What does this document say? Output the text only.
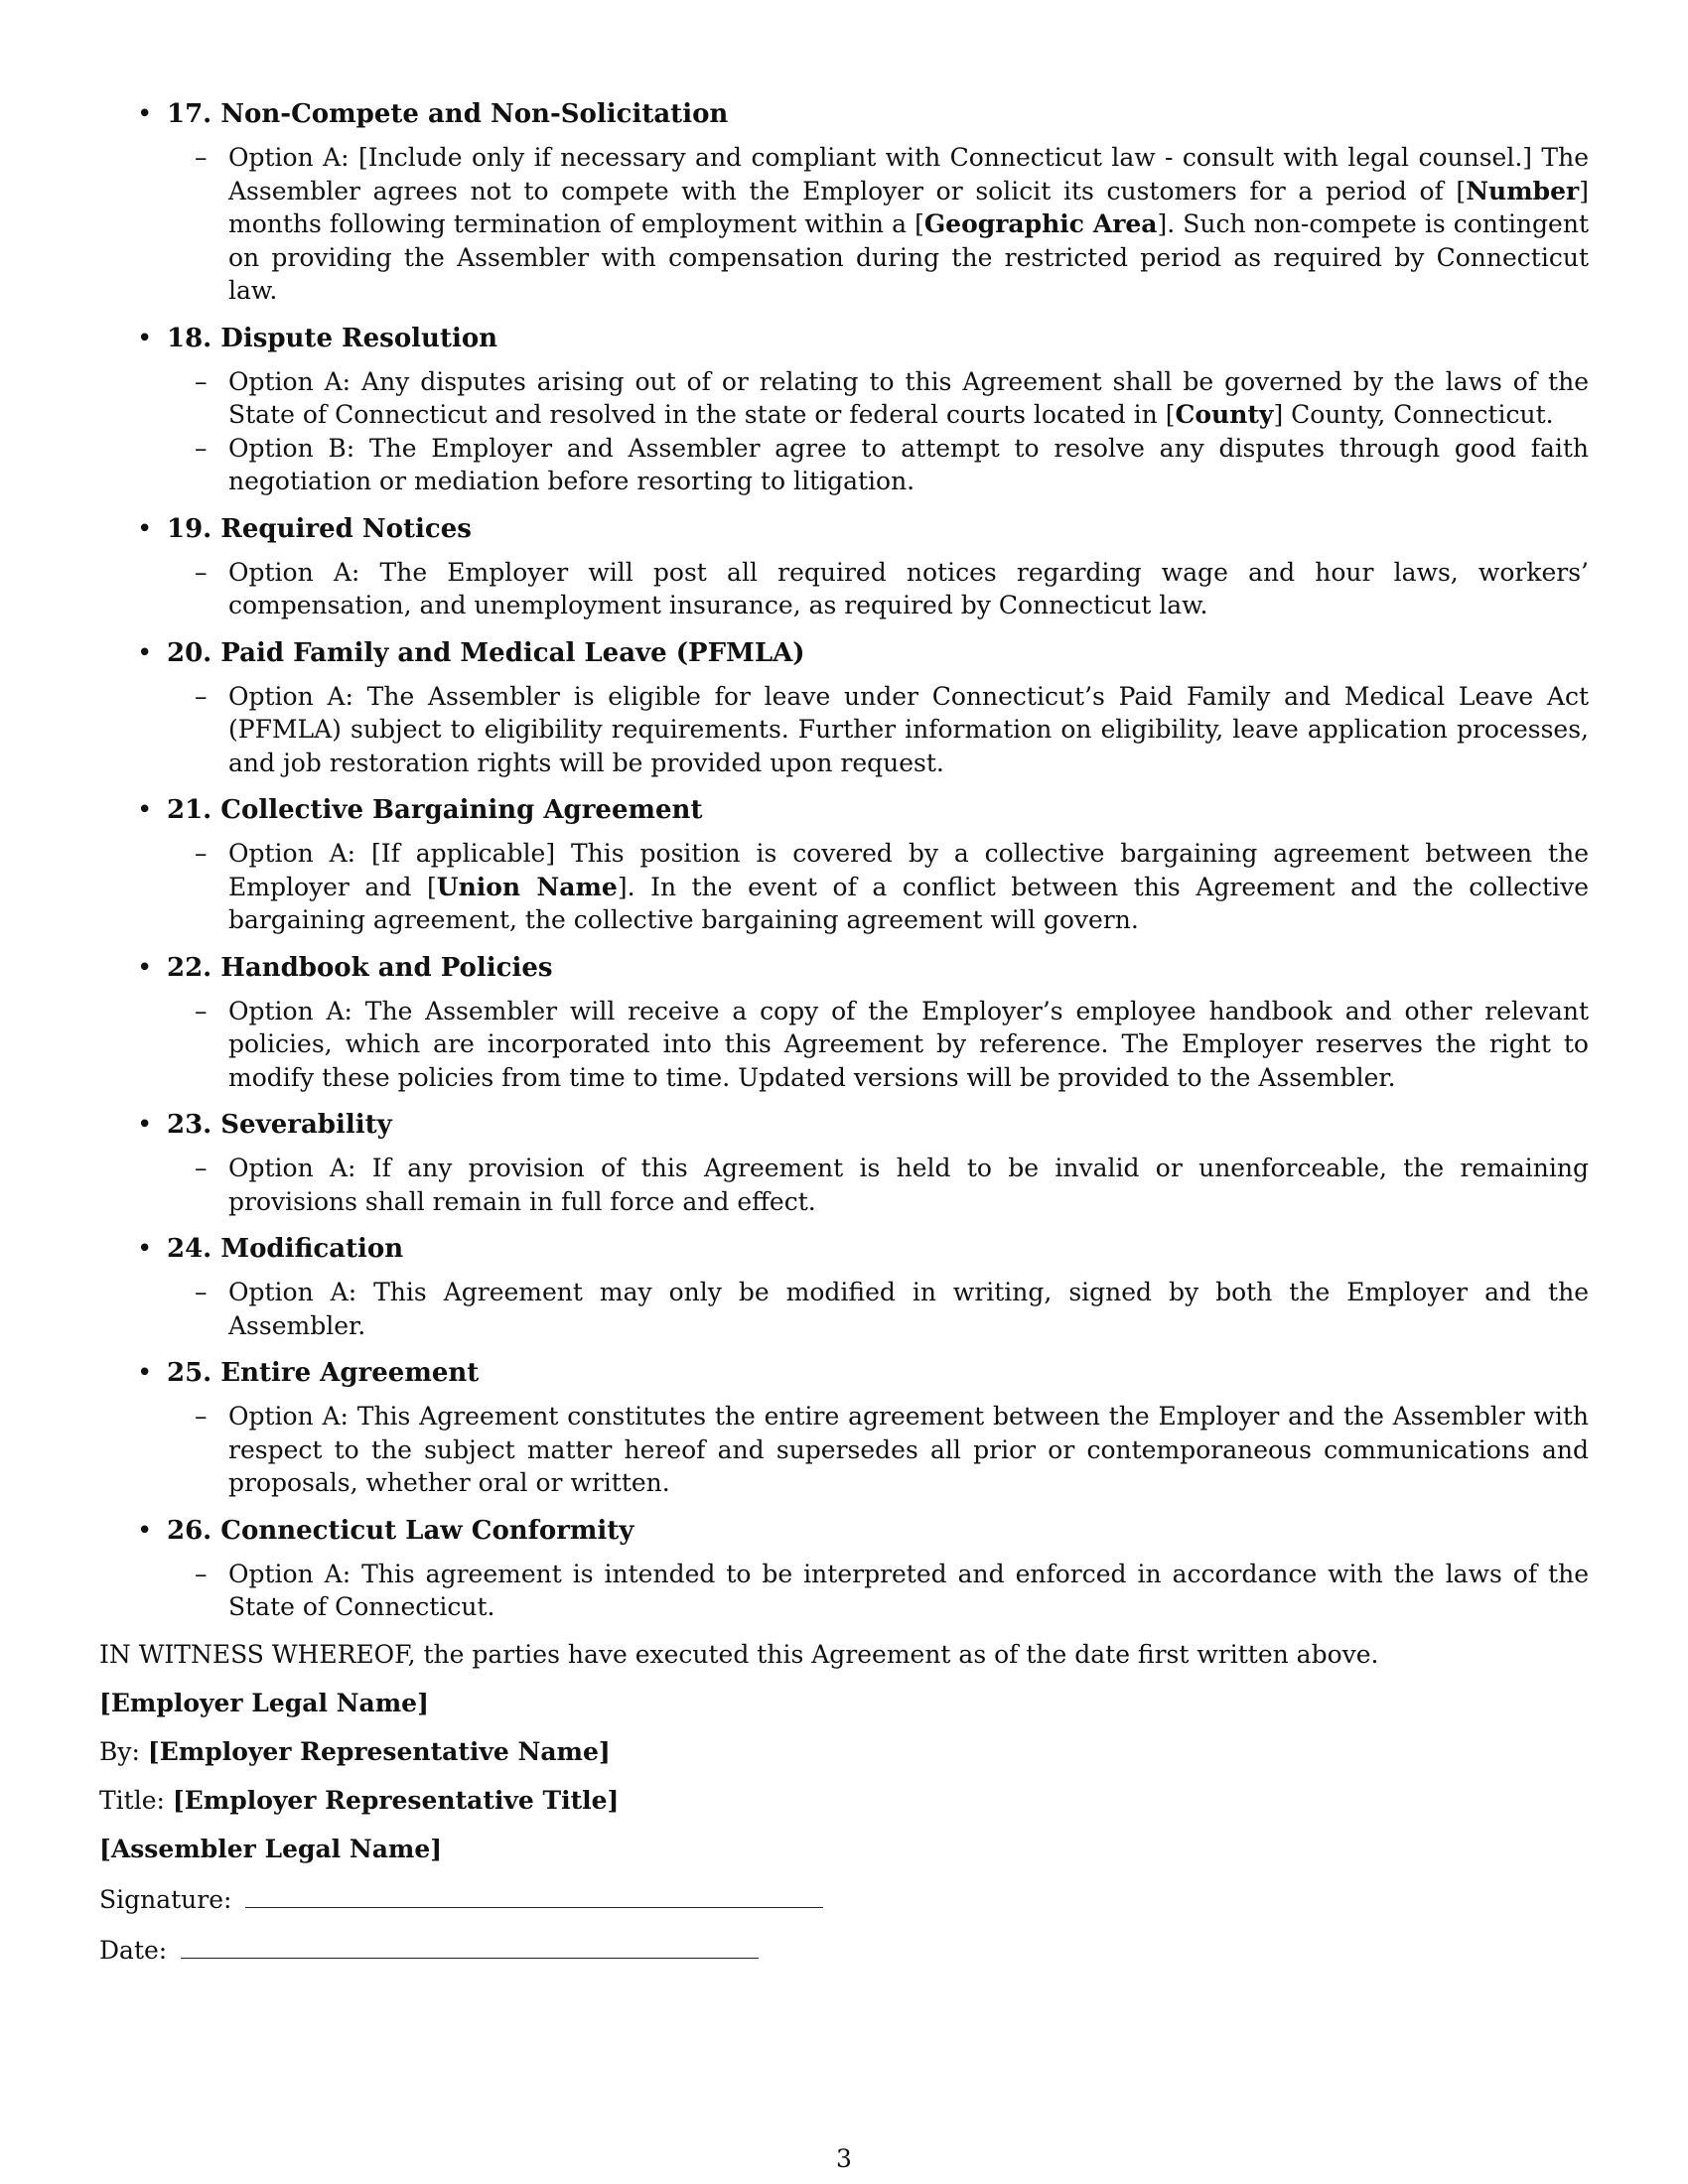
• 17. Non-Compete and Non-Solicitation
– Option A: [Include only if necessary and compliant with Connecticut law - consult with legal counsel.] The Assembler agrees not to compete with the Employer or solicit its customers for a period of [Number] months following termination of employment within a [Geographic Area]. Such non-compete is contingent on providing the Assembler with compensation during the restricted period as required by Connecticut law.
• 18. Dispute Resolution
– Option A: Any disputes arising out of or relating to this Agreement shall be governed by the laws of the State of Connecticut and resolved in the state or federal courts located in [County] County, Connecticut.
– Option B: The Employer and Assembler agree to attempt to resolve any disputes through good faith negotiation or mediation before resorting to litigation.
• 19. Required Notices
– Option A: The Employer will post all required notices regarding wage and hour laws, workers’ compensation, and unemployment insurance, as required by Connecticut law.
• 20. Paid Family and Medical Leave (PFMLA)
– Option A: The Assembler is eligible for leave under Connecticut’s Paid Family and Medical Leave Act (PFMLA) subject to eligibility requirements. Further information on eligibility, leave application processes, and job restoration rights will be provided upon request.
• 21. Collective Bargaining Agreement
– Option A: [If applicable] This position is covered by a collective bargaining agreement between the Employer and [Union Name]. In the event of a conflict between this Agreement and the collective bargaining agreement, the collective bargaining agreement will govern.
• 22. Handbook and Policies
– Option A: The Assembler will receive a copy of the Employer’s employee handbook and other relevant policies, which are incorporated into this Agreement by reference. The Employer reserves the right to modify these policies from time to time. Updated versions will be provided to the Assembler.
• 23. Severability
– Option A: If any provision of this Agreement is held to be invalid or unenforceable, the remaining provisions shall remain in full force and effect.
• 24. Modification
– Option A: This Agreement may only be modified in writing, signed by both the Employer and the Assembler.
• 25. Entire Agreement
– Option A: This Agreement constitutes the entire agreement between the Employer and the Assembler with respect to the subject matter hereof and supersedes all prior or contemporaneous communications and proposals, whether oral or written.
• 26. Connecticut Law Conformity
– Option A: This agreement is intended to be interpreted and enforced in accordance with the laws of the State of Connecticut.
IN WITNESS WHEREOF, the parties have executed this Agreement as of the date first written above.
[Employer Legal Name]
By: [Employer Representative Name]
Title: [Employer Representative Title]
[Assembler Legal Name]
Signature:
Date:
3
